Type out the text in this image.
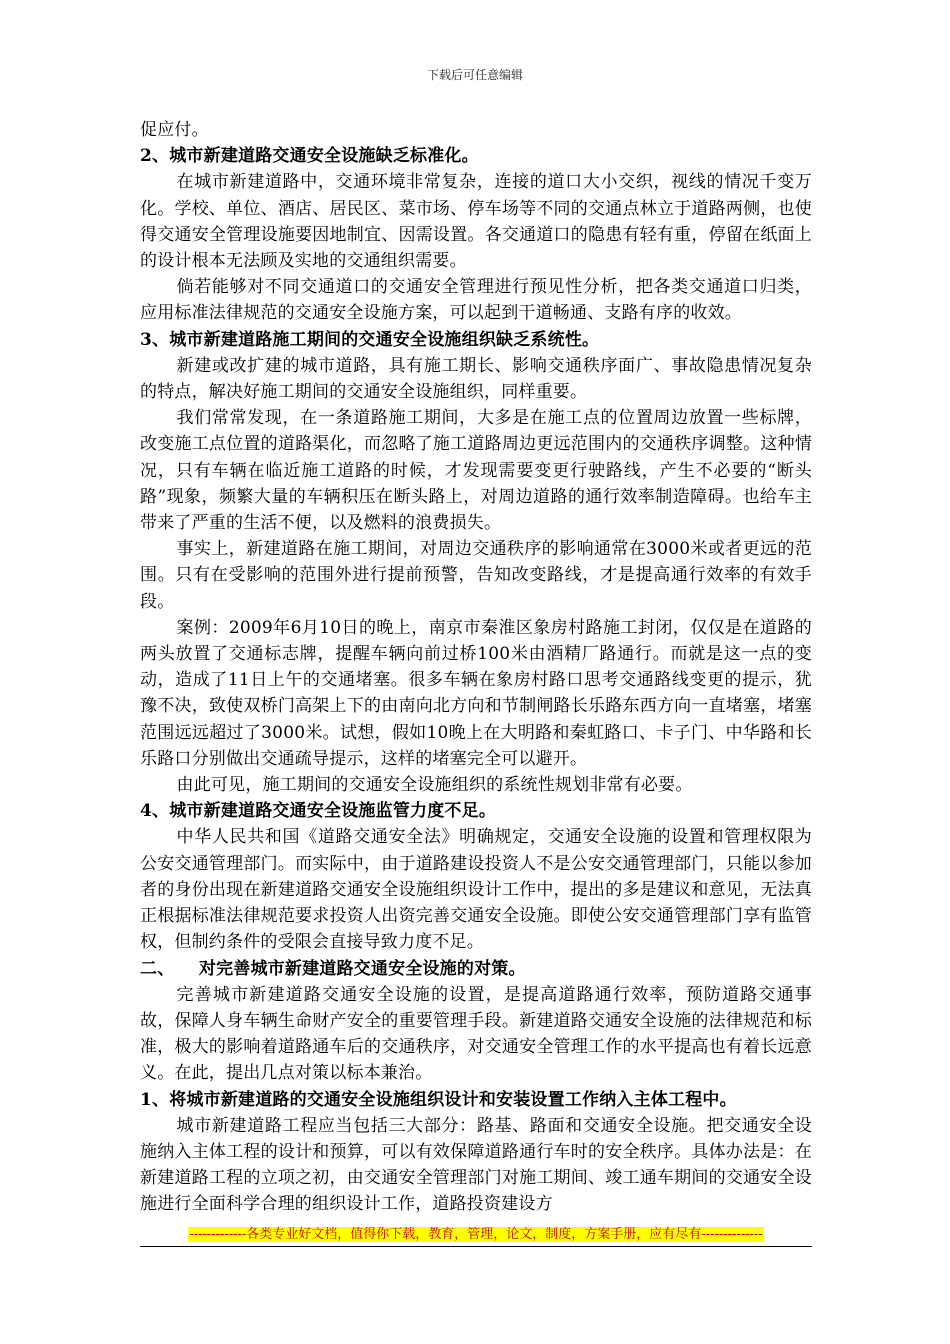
下载后可任意编辑

促应付。

2、城市新建道路交通安全设施缺乏标准化。

在城市新建道路中，交通环境非常复杂，连接的道口大小交织，视线的情况千变万化。学校、单位、酒店、居民区、菜市场、停车场等不同的交通点林立于道路两侧，也使得交通安全管理设施要因地制宜、因需设置。各交通道口的隐患有轻有重，停留在纸面上的设计根本无法顾及实地的交通组织需要。

倘若能够对不同交通道口的交通安全管理进行预见性分析，把各类交通道口归类，应用标准法律规范的交通安全设施方案，可以起到干道畅通、支路有序的收效。

3、城市新建道路施工期间的交通安全设施组织缺乏系统性。

新建或改扩建的城市道路，具有施工期长、影响交通秩序面广、事故隐患情况复杂的特点，解决好施工期间的交通安全设施组织，同样重要。

我们常常发现，在一条道路施工期间，大多是在施工点的位置周边放置一些标牌，改变施工点位置的道路渠化，而忽略了施工道路周边更远范围内的交通秩序调整。这种情况，只有车辆在临近施工道路的时候，才发现需要变更行驶路线，产生不必要的“断头路”现象，频繁大量的车辆积压在断头路上，对周边道路的通行效率制造障碍。也给车主带来了严重的生活不便，以及燃料的浪费损失。

事实上，新建道路在施工期间，对周边交通秩序的影响通常在3000米或者更远的范围。只有在受影响的范围外进行提前预警，告知改变路线，才是提高通行效率的有效手段。

案例：2009年6月10日的晚上，南京市秦淮区象房村路施工封闭，仅仅是在道路的两头放置了交通标志牌，提醒车辆向前过桥100米由酒精厂路通行。而就是这一点的变动，造成了11日上午的交通堵塞。很多车辆在象房村路口思考交通路线变更的提示，犹豫不决，致使双桥门高架上下的由南向北方向和节制闸路长乐路东西方向一直堵塞，堵塞范围远远超过了3000米。试想，假如10晚上在大明路和秦虹路口、卡子门、中华路和长乐路口分别做出交通疏导提示，这样的堵塞完全可以避开。

由此可见，施工期间的交通安全设施组织的系统性规划非常有必要。

4、城市新建道路交通安全设施监管力度不足。

中华人民共和国《道路交通安全法》明确规定，交通安全设施的设置和管理权限为公安交通管理部门。而实际中，由于道路建设投资人不是公安交通管理部门，只能以参加者的身份出现在新建道路交通安全设施组织设计工作中，提出的多是建议和意见，无法真正根据标准法律规范要求投资人出资完善交通安全设施。即使公安交通管理部门享有监管权，但制约条件的受限会直接导致力度不足。

二、    对完善城市新建道路交通安全设施的对策。

完善城市新建道路交通安全设施的设置，是提高道路通行效率，预防道路交通事故，保障人身车辆生命财产安全的重要管理手段。新建道路交通安全设施的法律规范和标准，极大的影响着道路通车后的交通秩序，对交通安全管理工作的水平提高也有着长远意义。在此，提出几点对策以标本兼治。

1、将城市新建道路的交通安全设施组织设计和安装设置工作纳入主体工程中。

城市新建道路工程应当包括三大部分：路基、路面和交通安全设施。把交通安全设施纳入主体工程的设计和预算，可以有效保障道路通行车时的安全秩序。具体办法是：在新建道路工程的立项之初，由交通安全管理部门对施工期间、竣工通车期间的交通安全设施进行全面科学合理的组织设计工作，道路投资建设方

-------------各类专业好文档，值得你下载，教育，管理，论文，制度，方案手册，应有尽有--------------
